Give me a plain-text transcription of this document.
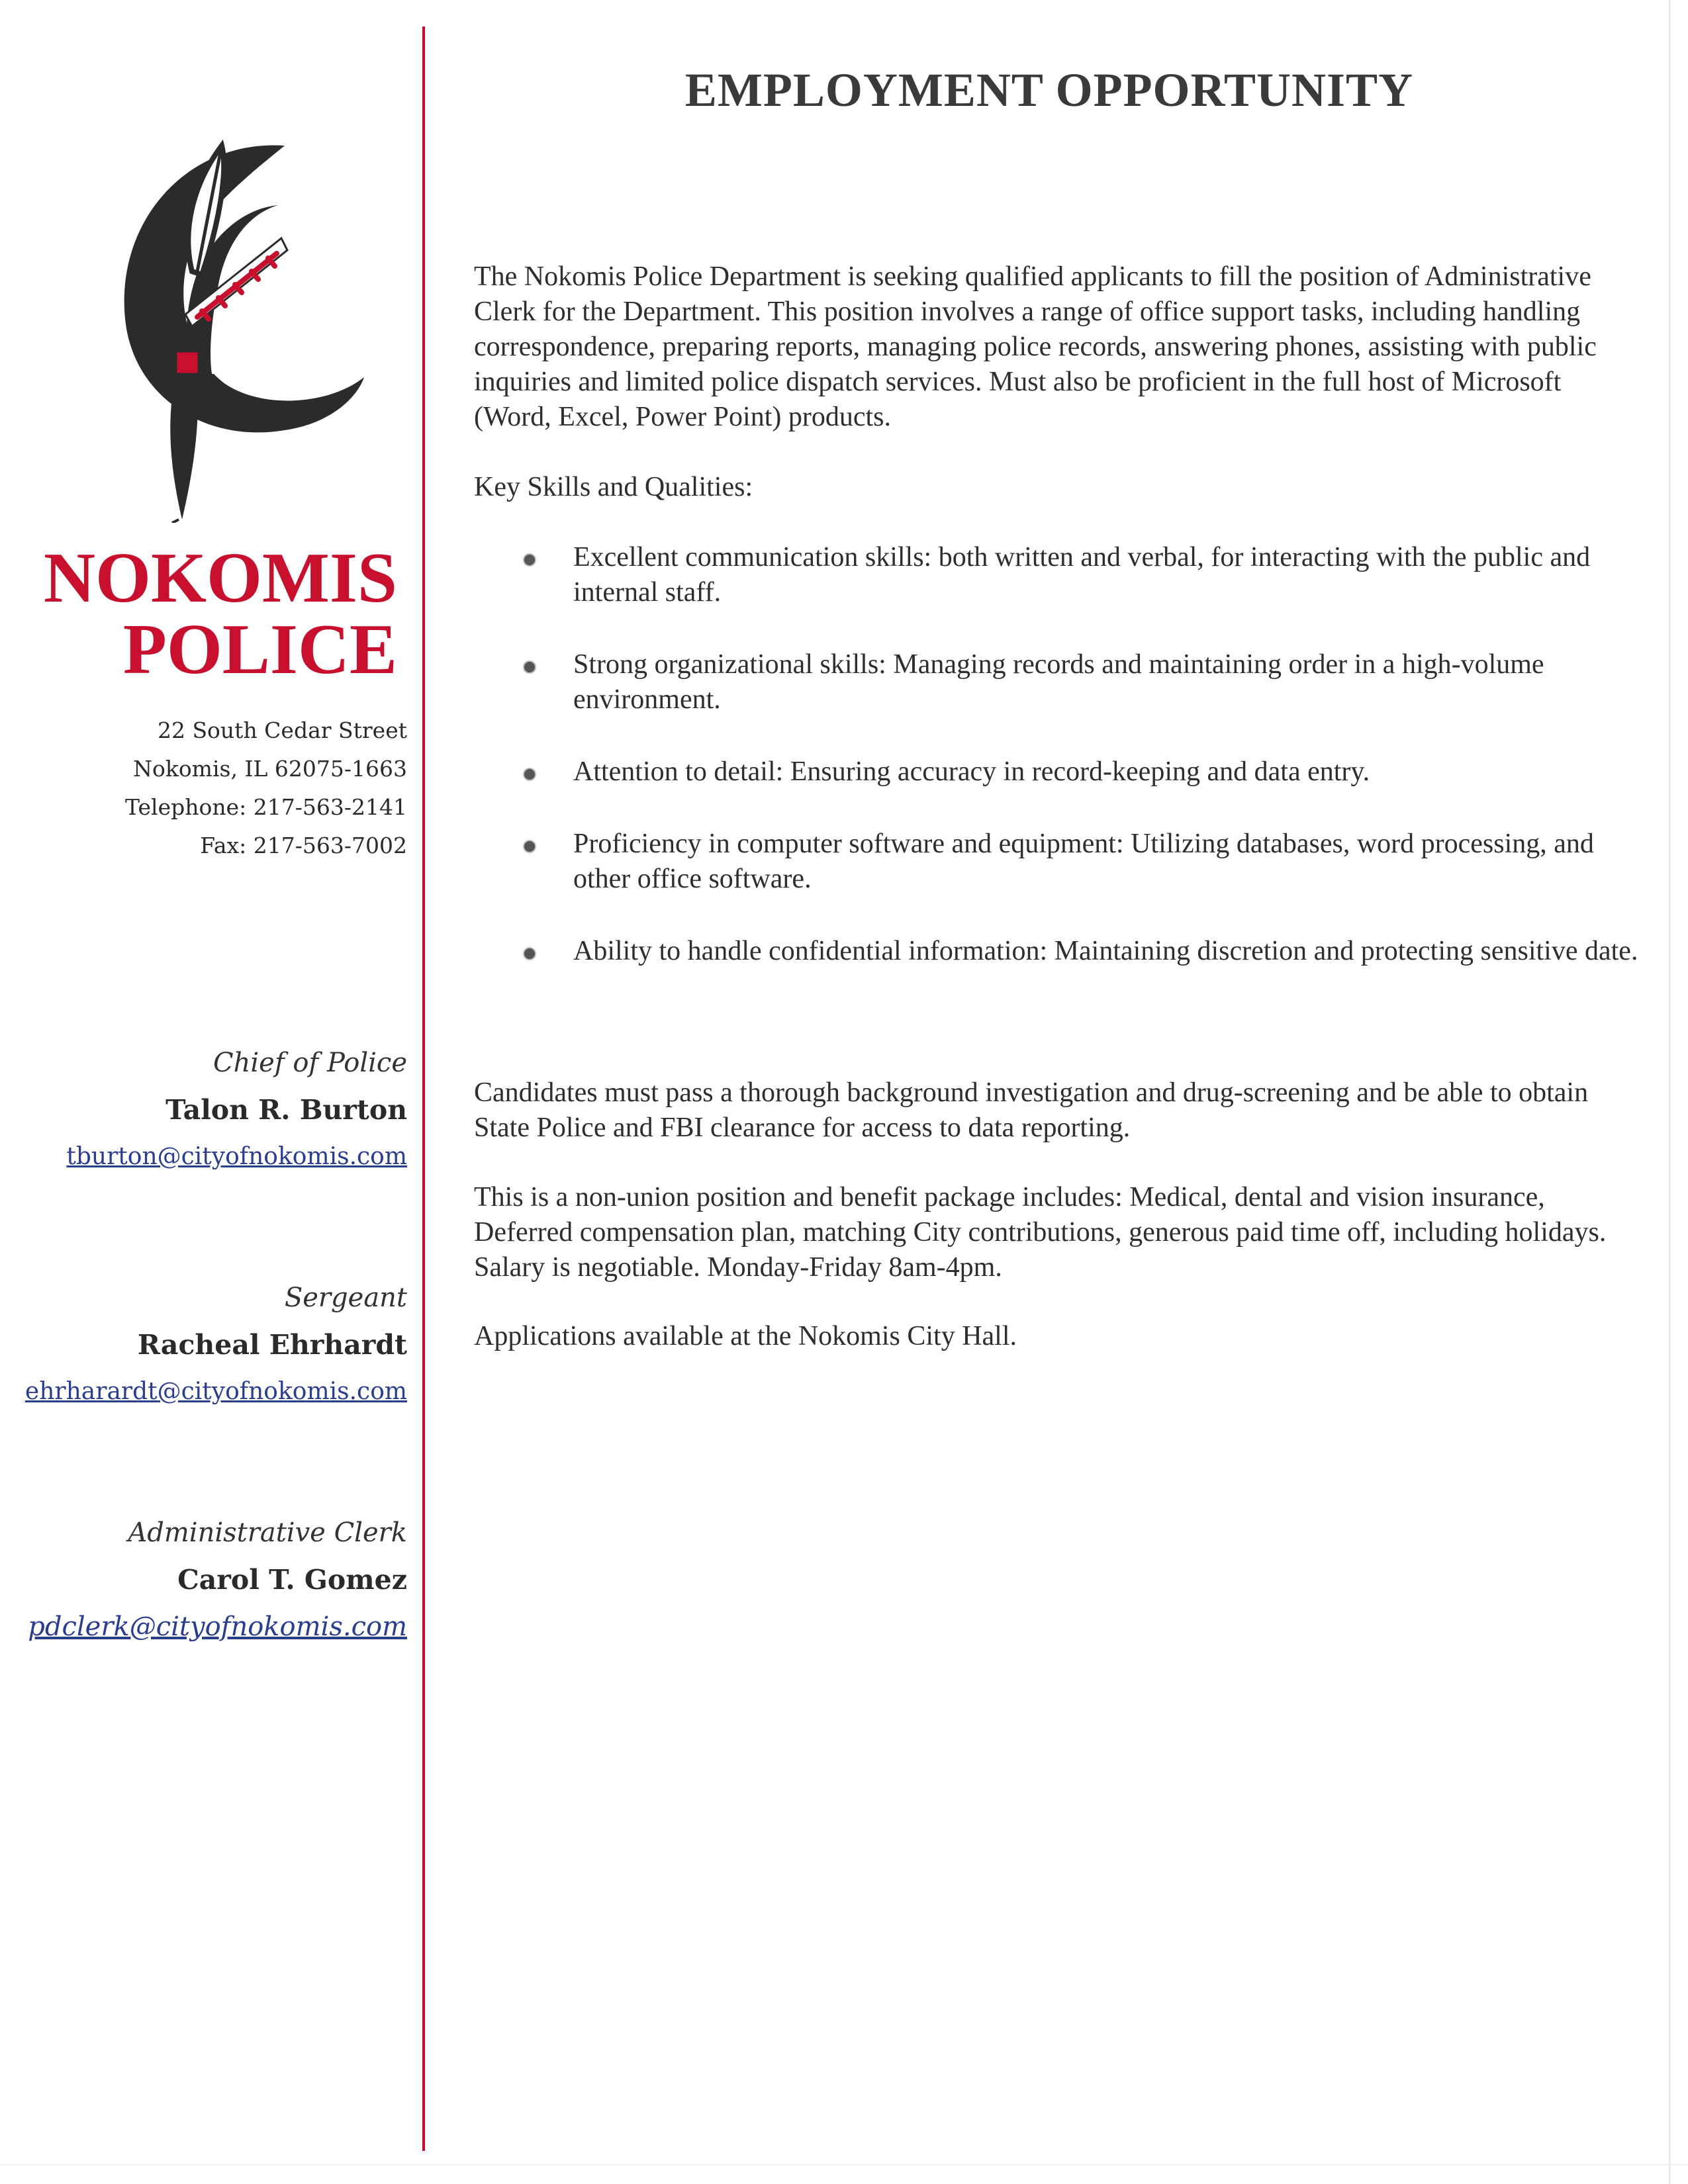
NOKOMIS
POLICE
22 South Cedar Street
Nokomis, IL 62075-1663
Telephone: 217-563-2141
Fax: 217-563-7002
Chief of Police
Talon R. Burton
tburton@cityofnokomis.com
Sergeant
Racheal Ehrhardt
ehrharardt@cityofnokomis.com
Administrative Clerk
Carol T. Gomez
pdclerk@cityofnokomis.com
EMPLOYMENT OPPORTUNITY

The Nokomis Police Department is seeking qualified applicants to fill the position of Administrative Clerk for the Department. This position involves a range of office support tasks, including handling correspondence, preparing reports, managing police records, answering phones, assisting with public inquiries and limited police dispatch services. Must also be proficient in the full host of Microsoft (Word, Excel, Power Point) products.

Key Skills and Qualities:

Excellent communication skills: both written and verbal, for interacting with the public and internal staff.
Strong organizational skills: Managing records and maintaining order in a high-volume environment.
Attention to detail: Ensuring accuracy in record-keeping and data entry.
Proficiency in computer software and equipment: Utilizing databases, word processing, and other office software.
Ability to handle confidential information: Maintaining discretion and protecting sensitive date.

Candidates must pass a thorough background investigation and drug-screening and be able to obtain State Police and FBI clearance for access to data reporting.

This is a non-union position and benefit package includes: Medical, dental and vision insurance, Deferred compensation plan, matching City contributions, generous paid time off, including holidays. Salary is negotiable. Monday-Friday 8am-4pm.

Applications available at the Nokomis City Hall.
